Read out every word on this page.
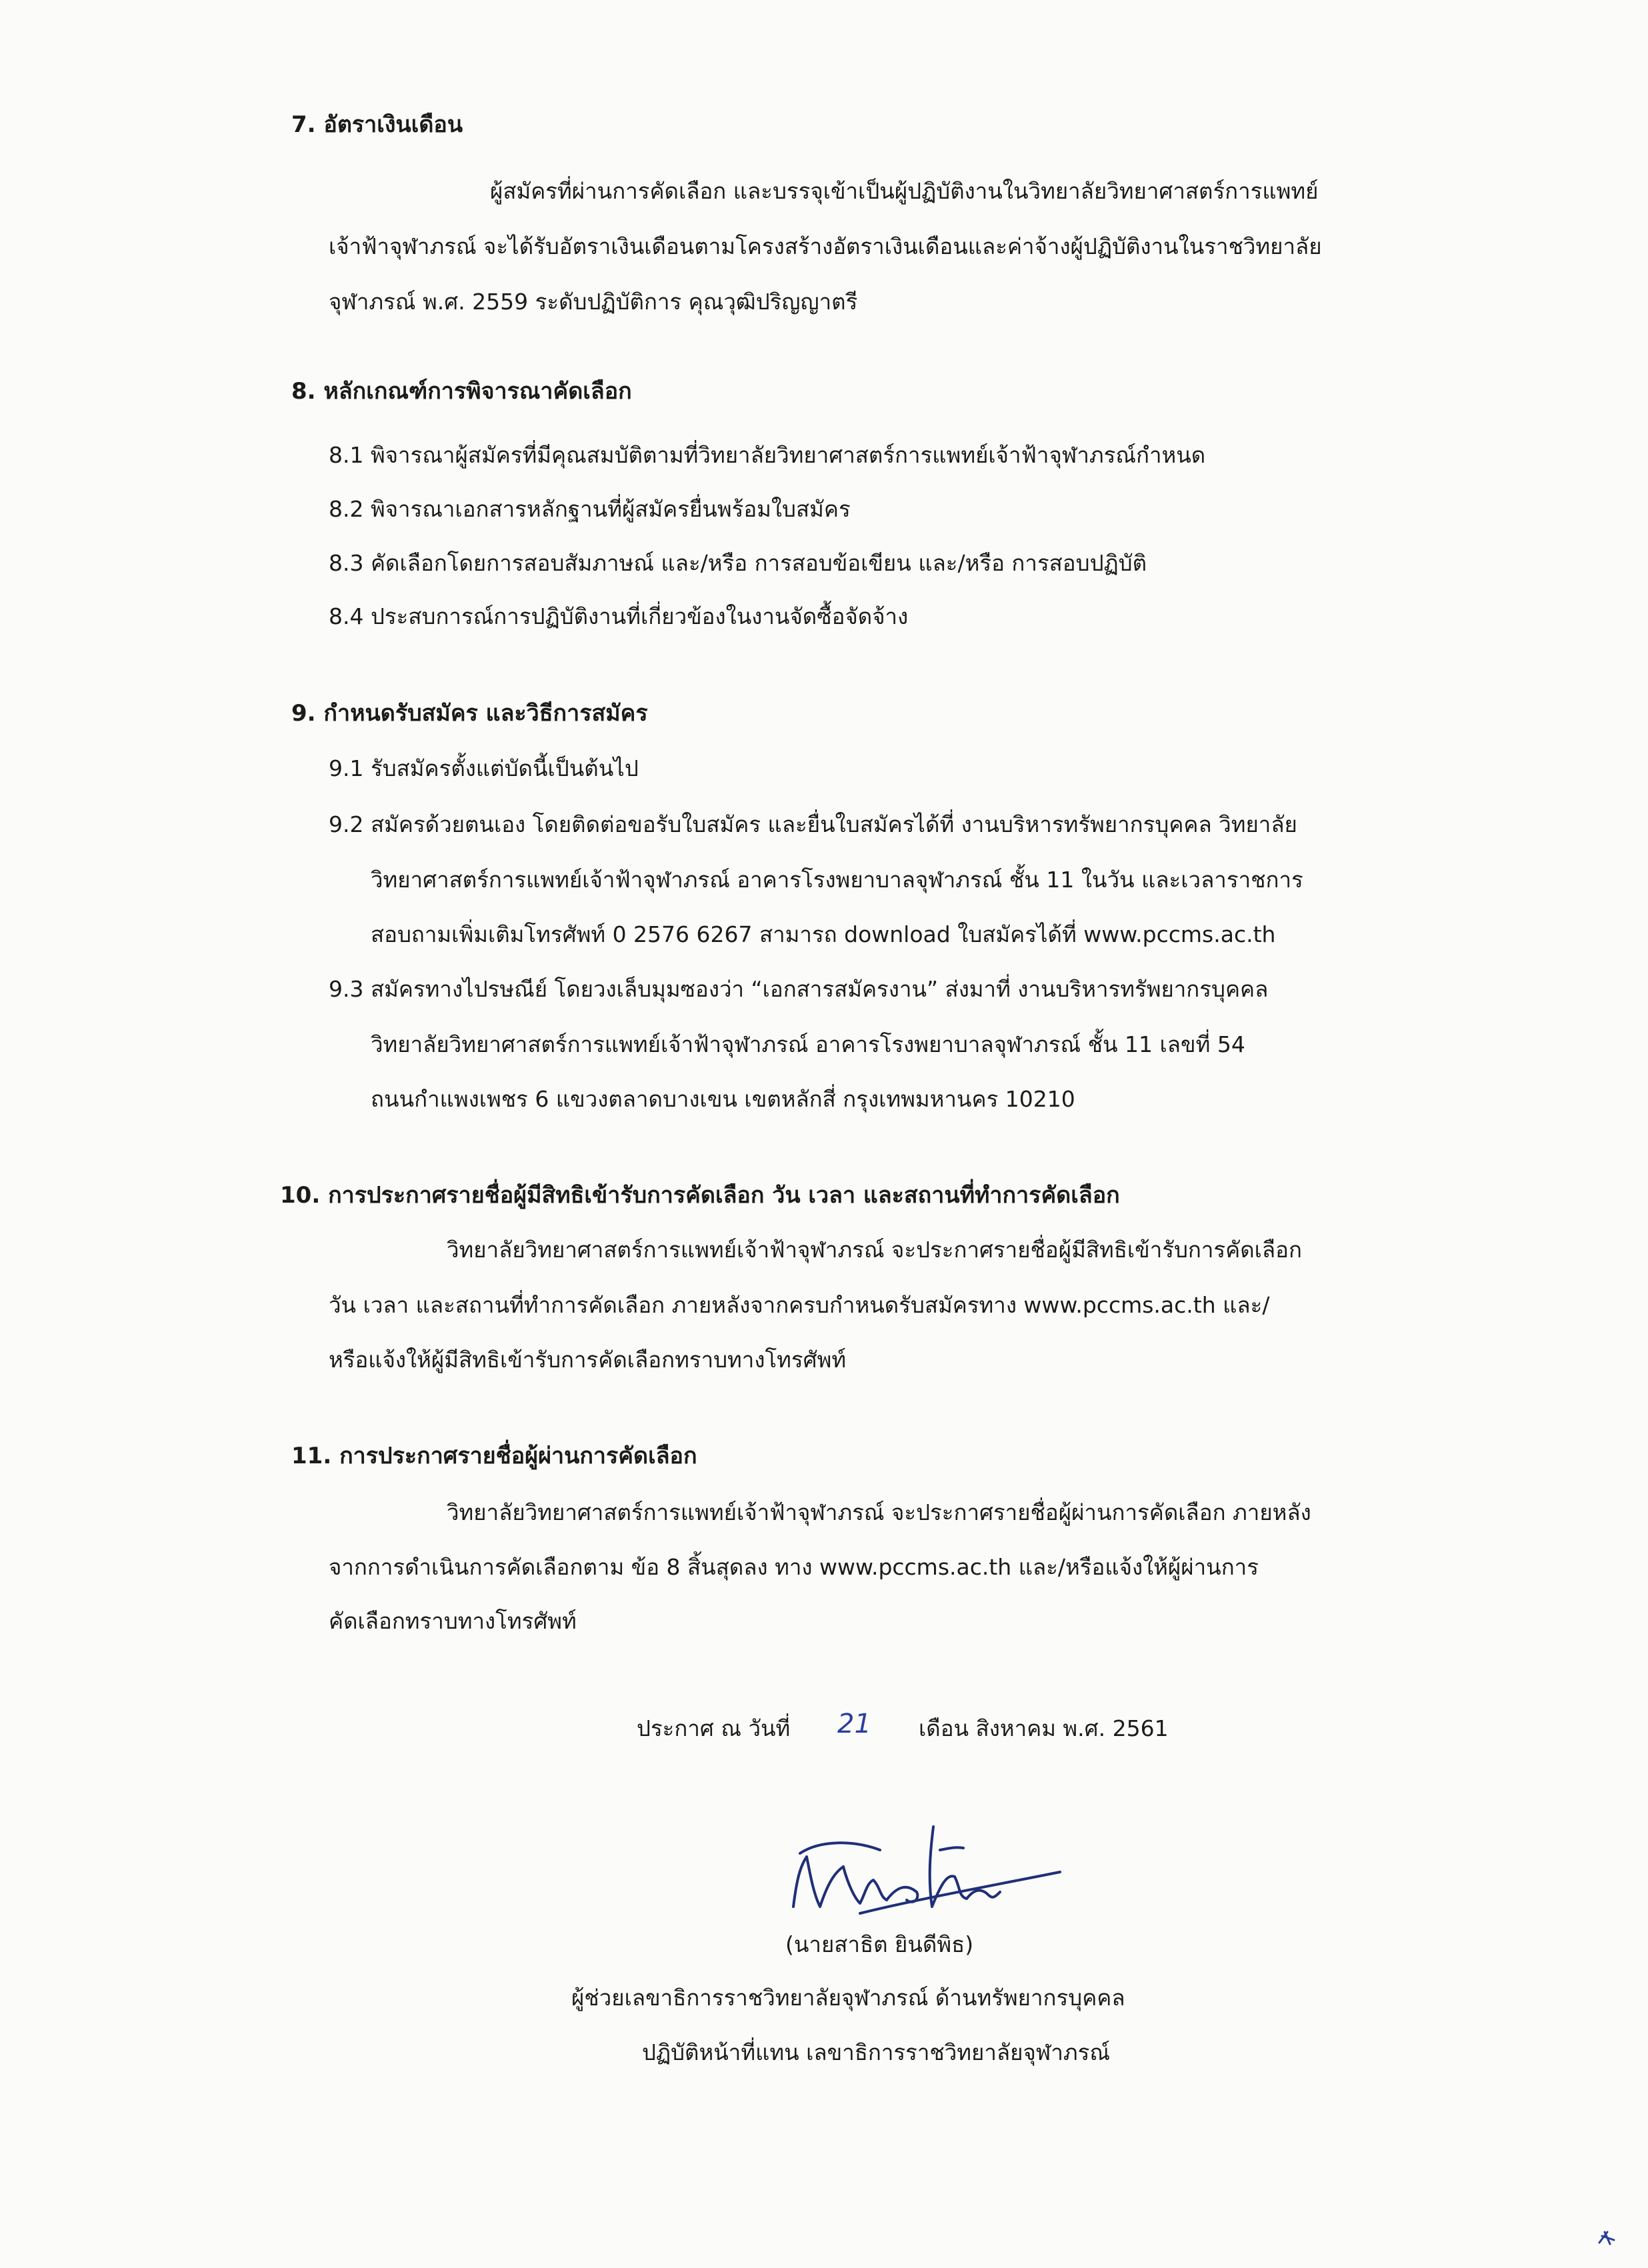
7. อัตราเงินเดือน
ผู้สมัครที่ผ่านการคัดเลือก และบรรจุเข้าเป็นผู้ปฏิบัติงานในวิทยาลัยวิทยาศาสตร์การแพทย์
เจ้าฟ้าจุฬาภรณ์ จะได้รับอัตราเงินเดือนตามโครงสร้างอัตราเงินเดือนและค่าจ้างผู้ปฏิบัติงานในราชวิทยาลัย
จุฬาภรณ์ พ.ศ. 2559 ระดับปฏิบัติการ คุณวุฒิปริญญาตรี
8. หลักเกณฑ์การพิจารณาคัดเลือก
8.1 พิจารณาผู้สมัครที่มีคุณสมบัติตามที่วิทยาลัยวิทยาศาสตร์การแพทย์เจ้าฟ้าจุฬาภรณ์กำหนด
8.2 พิจารณาเอกสารหลักฐานที่ผู้สมัครยื่นพร้อมใบสมัคร
8.3 คัดเลือกโดยการสอบสัมภาษณ์ และ/หรือ การสอบข้อเขียน และ/หรือ การสอบปฏิบัติ
8.4 ประสบการณ์การปฏิบัติงานที่เกี่ยวข้องในงานจัดซื้อจัดจ้าง
9. กำหนดรับสมัคร และวิธีการสมัคร
9.1 รับสมัครตั้งแต่บัดนี้เป็นต้นไป
9.2 สมัครด้วยตนเอง โดยติดต่อขอรับใบสมัคร และยื่นใบสมัครได้ที่ งานบริหารทรัพยากรบุคคล วิทยาลัย
วิทยาศาสตร์การแพทย์เจ้าฟ้าจุฬาภรณ์ อาคารโรงพยาบาลจุฬาภรณ์ ชั้น 11 ในวัน และเวลาราชการ
สอบถามเพิ่มเติมโทรศัพท์ 0 2576 6267 สามารถ download ใบสมัครได้ที่ www.pccms.ac.th
9.3 สมัครทางไปรษณีย์ โดยวงเล็บมุมซองว่า “เอกสารสมัครงาน” ส่งมาที่ งานบริหารทรัพยากรบุคคล
วิทยาลัยวิทยาศาสตร์การแพทย์เจ้าฟ้าจุฬาภรณ์ อาคารโรงพยาบาลจุฬาภรณ์ ชั้น 11 เลขที่ 54
ถนนกำแพงเพชร 6 แขวงตลาดบางเขน เขตหลักสี่ กรุงเทพมหานคร 10210
10. การประกาศรายชื่อผู้มีสิทธิเข้ารับการคัดเลือก วัน เวลา และสถานที่ทำการคัดเลือก
วิทยาลัยวิทยาศาสตร์การแพทย์เจ้าฟ้าจุฬาภรณ์ จะประกาศรายชื่อผู้มีสิทธิเข้ารับการคัดเลือก
วัน เวลา และสถานที่ทำการคัดเลือก ภายหลังจากครบกำหนดรับสมัครทาง www.pccms.ac.th และ/
หรือแจ้งให้ผู้มีสิทธิเข้ารับการคัดเลือกทราบทางโทรศัพท์
11. การประกาศรายชื่อผู้ผ่านการคัดเลือก
วิทยาลัยวิทยาศาสตร์การแพทย์เจ้าฟ้าจุฬาภรณ์ จะประกาศรายชื่อผู้ผ่านการคัดเลือก ภายหลัง
จากการดำเนินการคัดเลือกตาม ข้อ 8 สิ้นสุดลง ทาง www.pccms.ac.th และ/หรือแจ้งให้ผู้ผ่านการ
คัดเลือกทราบทางโทรศัพท์
ประกาศ ณ วันที่ 21 เดือน สิงหาคม พ.ศ. 2561
(นายสาธิต ยินดีพิธ)
ผู้ช่วยเลขาธิการราชวิทยาลัยจุฬาภรณ์ ด้านทรัพยากรบุคคล
ปฏิบัติหน้าที่แทน เลขาธิการราชวิทยาลัยจุฬาภรณ์
